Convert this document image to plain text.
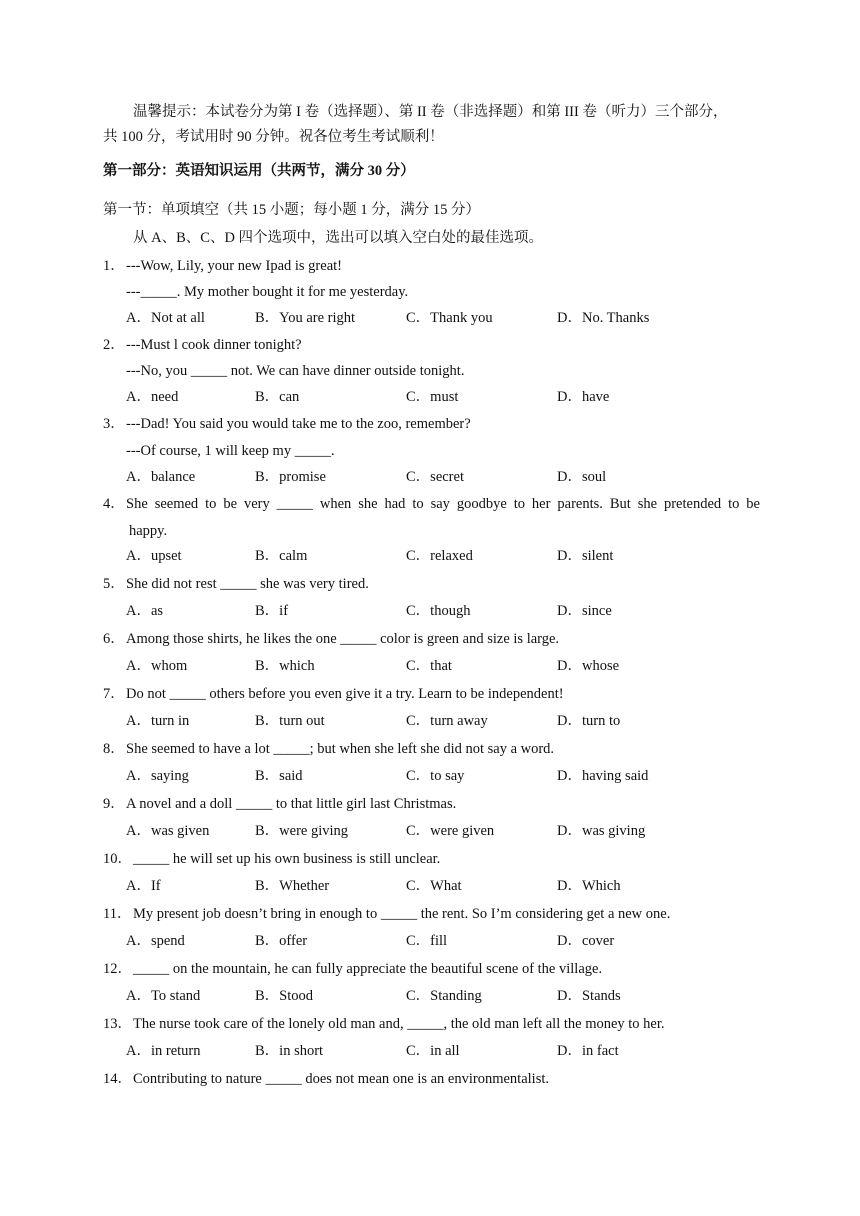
温馨提示：本试卷分为第 I 卷（选择题）、第 II 卷（非选择题）和第 III 卷（听力）三个部分，
共 100 分，考试用时 90 分钟。祝各位考生考试顺利！
第一部分：英语知识运用（共两节，满分 30 分）
第一节：单项填空（共 15 小题；每小题 1 分，满分 15 分）
从 A、B、C、D 四个选项中，选出可以填入空白处的最佳选项。
1． ---Wow, Lily, your new Ipad is great!
---_____. My mother bought it for me yesterday.
A．Not at all	B．You are right	C．Thank you	D．No. Thanks
2． ---Must l cook dinner tonight?
---No, you _____ not. We can have dinner outside tonight.
A．need	B．can	C．must	D．have
3． ---Dad! You said you would take me to the zoo, remember?
---Of course, 1 will keep my _____.
A．balance	B．promise	C．secret	D．soul
4． She seemed to be very _____ when she had to say goodbye to her parents. But she pretended to be
happy.
A．upset	B．calm	C．relaxed	D．silent
5． She did not rest _____ she was very tired.
A．as	B．if	C．though	D．since
6． Among those shirts, he likes the one _____ color is green and size is large.
A．whom	B．which	C．that	D．whose
7． Do not _____ others before you even give it a try. Learn to be independent!
A．turn in	B．turn out	C．turn away	D．turn to
8． She seemed to have a lot _____; but when she left she did not say a word.
A．saying	B．said	C．to say	D．having said
9． A novel and a doll _____ to that little girl last Christmas.
A．was given	B．were giving	C．were given	D．was giving
10． _____ he will set up his own business is still unclear.
A．If	B．Whether	C．What	D．Which
11． My present job doesn’t bring in enough to _____ the rent. So I’m considering get a new one.
A．spend	B．offer	C．fill	D．cover
12． _____ on the mountain, he can fully appreciate the beautiful scene of the village.
A．To stand	B．Stood	C．Standing	D．Stands
13． The nurse took care of the lonely old man and, _____, the old man left all the money to her.
A．in return	B．in short	C．in all	D．in fact
14． Contributing to nature _____ does not mean one is an environmentalist.
